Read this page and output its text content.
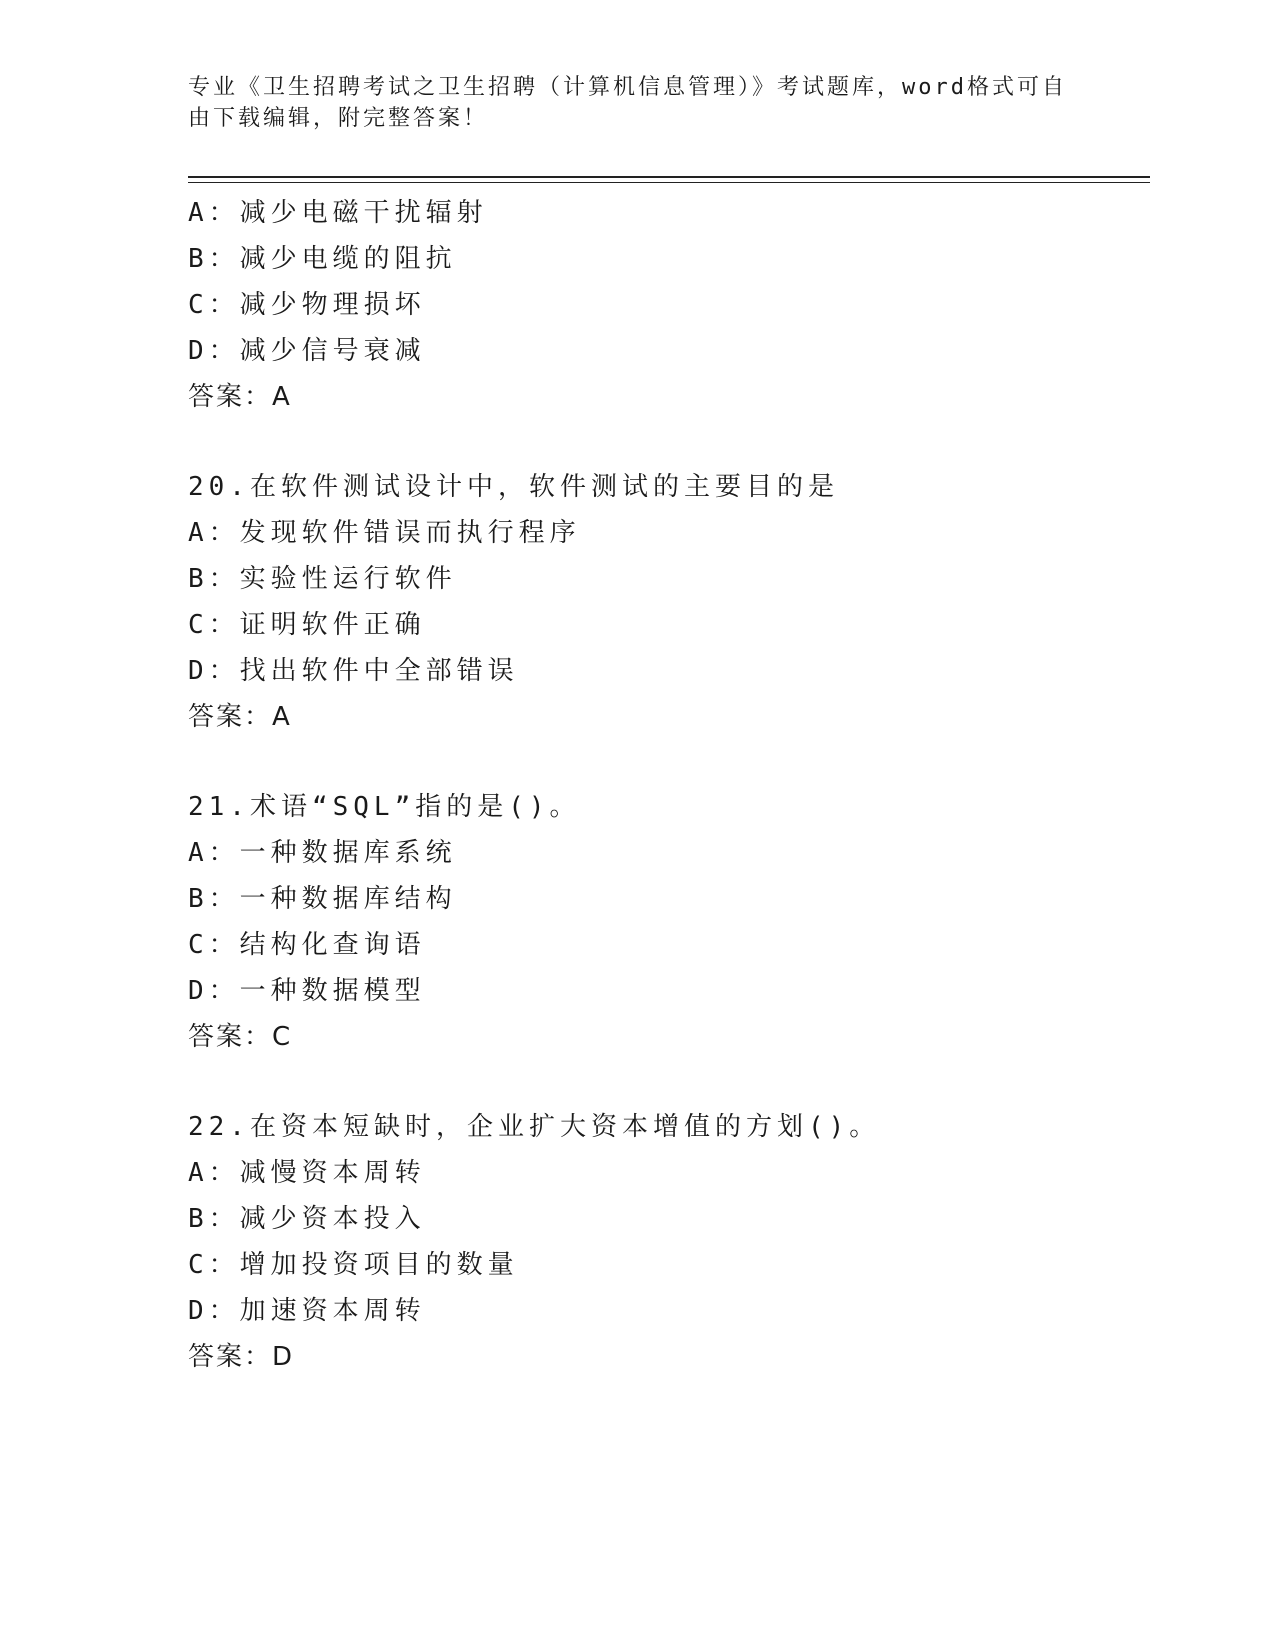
专业《卫生招聘考试之卫生招聘（计算机信息管理）》考试题库，word格式可自
由下载编辑，附完整答案！
A：减少电磁干扰辐射
B：减少电缆的阻抗
C：减少物理损坏
D：减少信号衰减
答案：A
20.在软件测试设计中，软件测试的主要目的是
A：发现软件错误而执行程序
B：实验性运行软件
C：证明软件正确
D：找出软件中全部错误
答案：A
21.术语“SQL”指的是()。
A：一种数据库系统
B：一种数据库结构
C：结构化查询语
D：一种数据模型
答案：C
22.在资本短缺时，企业扩大资本增值的方划()。
A：减慢资本周转
B：减少资本投入
C：增加投资项目的数量
D：加速资本周转
答案：D
